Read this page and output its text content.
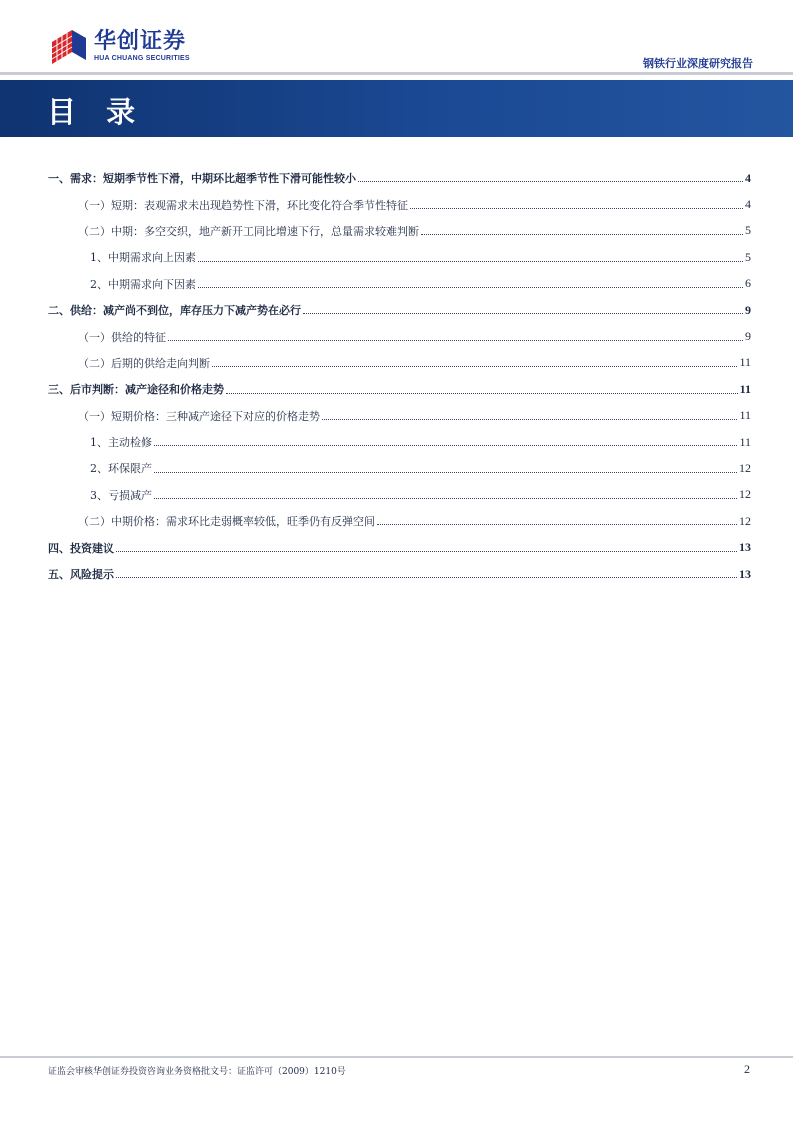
华创证券
HUA CHUANG SECURITIES	钢铁行业深度研究报告
目 录
一、需求：短期季节性下滑，中期环比超季节性下滑可能性较小	4
（一）短期：表观需求未出现趋势性下滑，环比变化符合季节性特征	4
（二）中期：多空交织，地产新开工同比增速下行，总量需求较难判断	5
1、中期需求向上因素	5
2、中期需求向下因素	6
二、供给：减产尚不到位，库存压力下减产势在必行	9
（一）供给的特征	9
（二）后期的供给走向判断	11
三、后市判断：减产途径和价格走势	11
（一）短期价格：三种减产途径下对应的价格走势	11
1、主动检修	11
2、环保限产	12
3、亏损减产	12
（二）中期价格：需求环比走弱概率较低，旺季仍有反弹空间	12
四、投资建议	13
五、风险提示	13
证监会审核华创证券投资咨询业务资格批文号：证监许可（2009）1210号	2
